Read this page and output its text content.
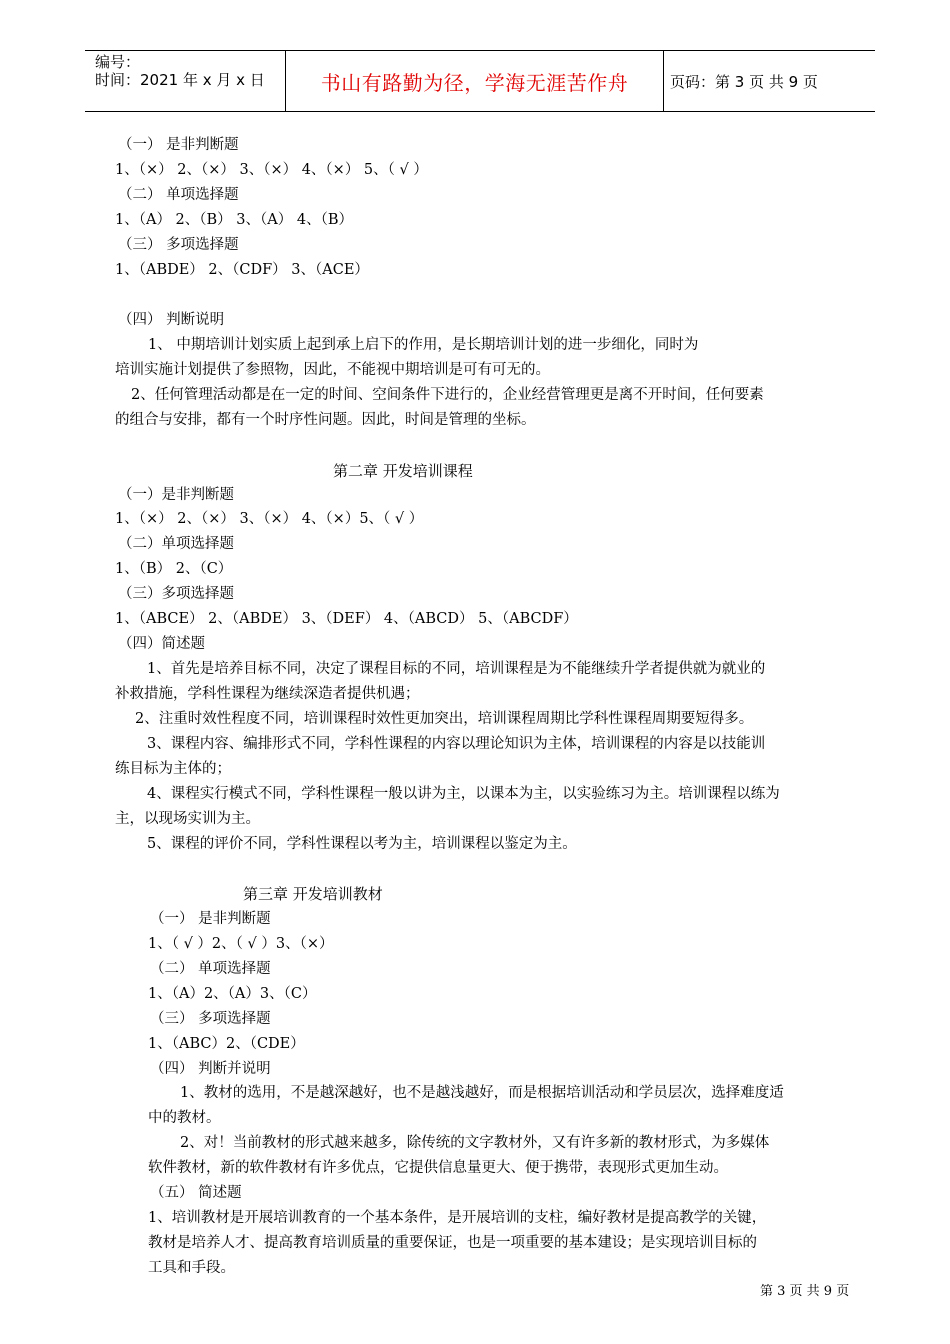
编号：
时间：2021 年 x 月 x 日	书山有路勤为径，学海无涯苦作舟	页码：第 3 页 共 9 页
（一） 是非判断题
1、（×） 2、（×） 3、（×） 4、（×） 5、（ √ ）
（二） 单项选择题
1、（A） 2、（B） 3、（A） 4、（B）
（三） 多项选择题
1、（ABDE） 2、（CDF） 3、（ACE）
（四） 判断说明
1、 中期培训计划实质上起到承上启下的作用，是长期培训计划的进一步细化，同时为
培训实施计划提供了参照物，因此，不能视中期培训是可有可无的。
2、任何管理活动都是在一定的时间、空间条件下进行的，企业经营管理更是离不开时间，任何要素
的组合与安排，都有一个时序性问题。因此，时间是管理的坐标。
第二章 开发培训课程
（一）是非判断题
1、（×） 2、（×） 3、（×） 4、（×）5、（ √ ）
（二）单项选择题
1、（B） 2、（C）
（三）多项选择题
1、（ABCE） 2、（ABDE） 3、（DEF） 4、（ABCD） 5、（ABCDF）
（四）简述题
1、首先是培养目标不同，决定了课程目标的不同，培训课程是为不能继续升学者提供就为就业的
补救措施，学科性课程为继续深造者提供机遇；
2、注重时效性程度不同，培训课程时效性更加突出，培训课程周期比学科性课程周期要短得多。
3、课程内容、编排形式不同，学科性课程的内容以理论知识为主体，培训课程的内容是以技能训
练目标为主体的；
4、课程实行模式不同，学科性课程一般以讲为主，以课本为主，以实验练习为主。培训课程以练为
主，以现场实训为主。
5、课程的评价不同，学科性课程以考为主，培训课程以鉴定为主。
第三章 开发培训教材
（一） 是非判断题
1、（ √ ）2、（ √ ）3、（×）
（二） 单项选择题
1、（A）2、（A）3、（C）
（三） 多项选择题
1、（ABC）2、（CDE）
（四） 判断并说明
1、教材的选用，不是越深越好，也不是越浅越好，而是根据培训活动和学员层次，选择难度适
中的教材。
2、对！当前教材的形式越来越多，除传统的文字教材外，又有许多新的教材形式，为多媒体
软件教材，新的软件教材有许多优点，它提供信息量更大、便于携带，表现形式更加生动。
（五） 简述题
1、培训教材是开展培训教育的一个基本条件，是开展培训的支柱，编好教材是提高教学的关键，
教材是培养人才、提高教育培训质量的重要保证，也是一项重要的基本建设；是实现培训目标的
工具和手段。
第 3 页 共 9 页
